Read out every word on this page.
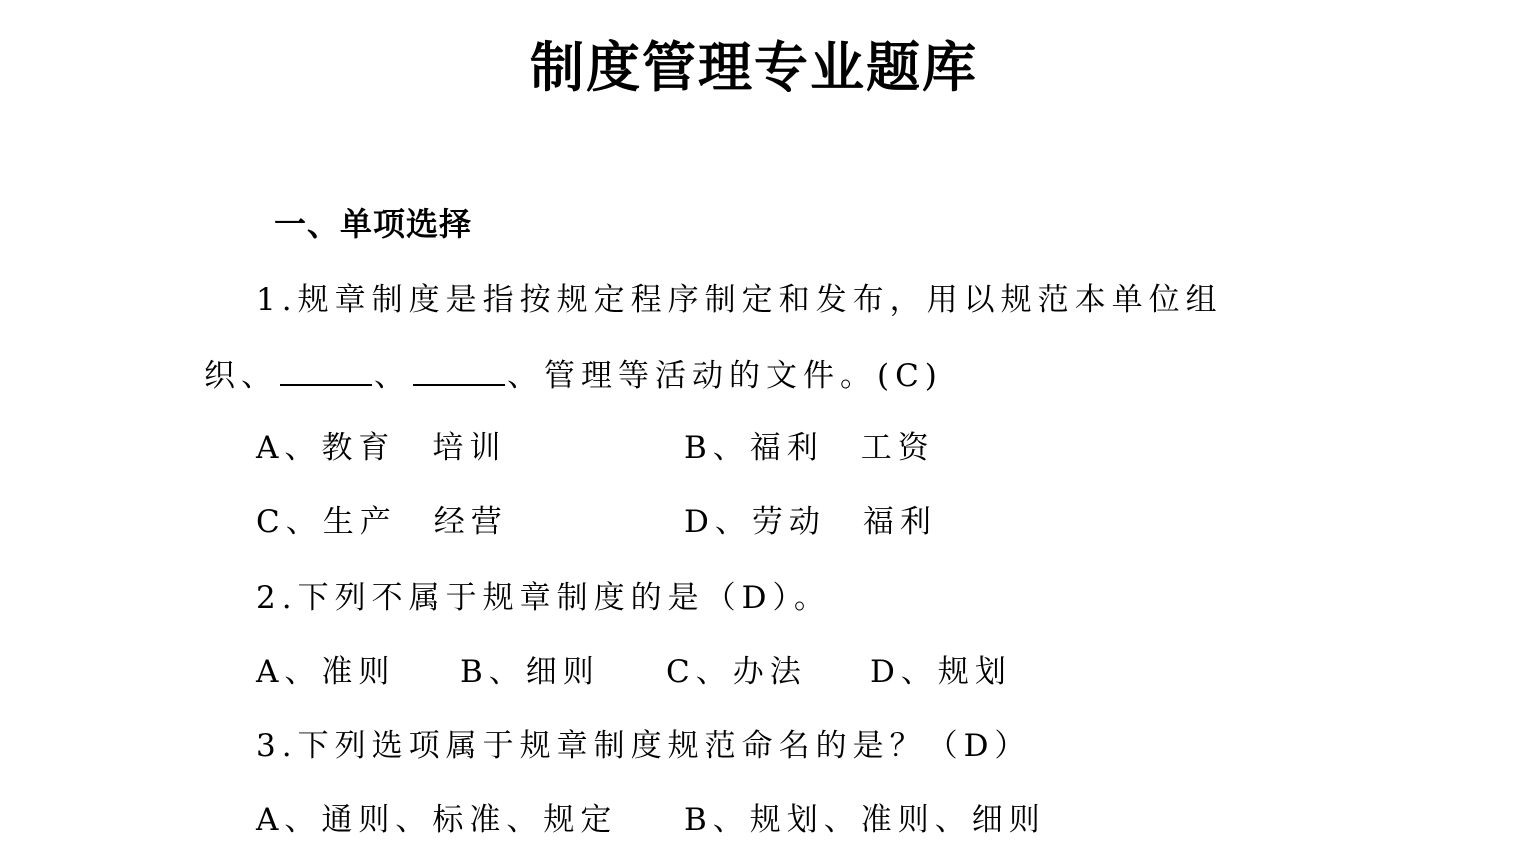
制度管理专业题库
一、单项选择
1.规章制度是指按规定程序制定和发布，用以规范本单位组
织、	、	、管理等活动的文件。(C)
A、教育　培训	B、福利　工资
C、生产　经营	D、劳动　福利
2.下列不属于规章制度的是（D）。
A、准则 B、细则 C、办法 D、规划
3.下列选项属于规章制度规范命名的是？（D）
A、通则、标准、规定 B、规划、准则、细则
